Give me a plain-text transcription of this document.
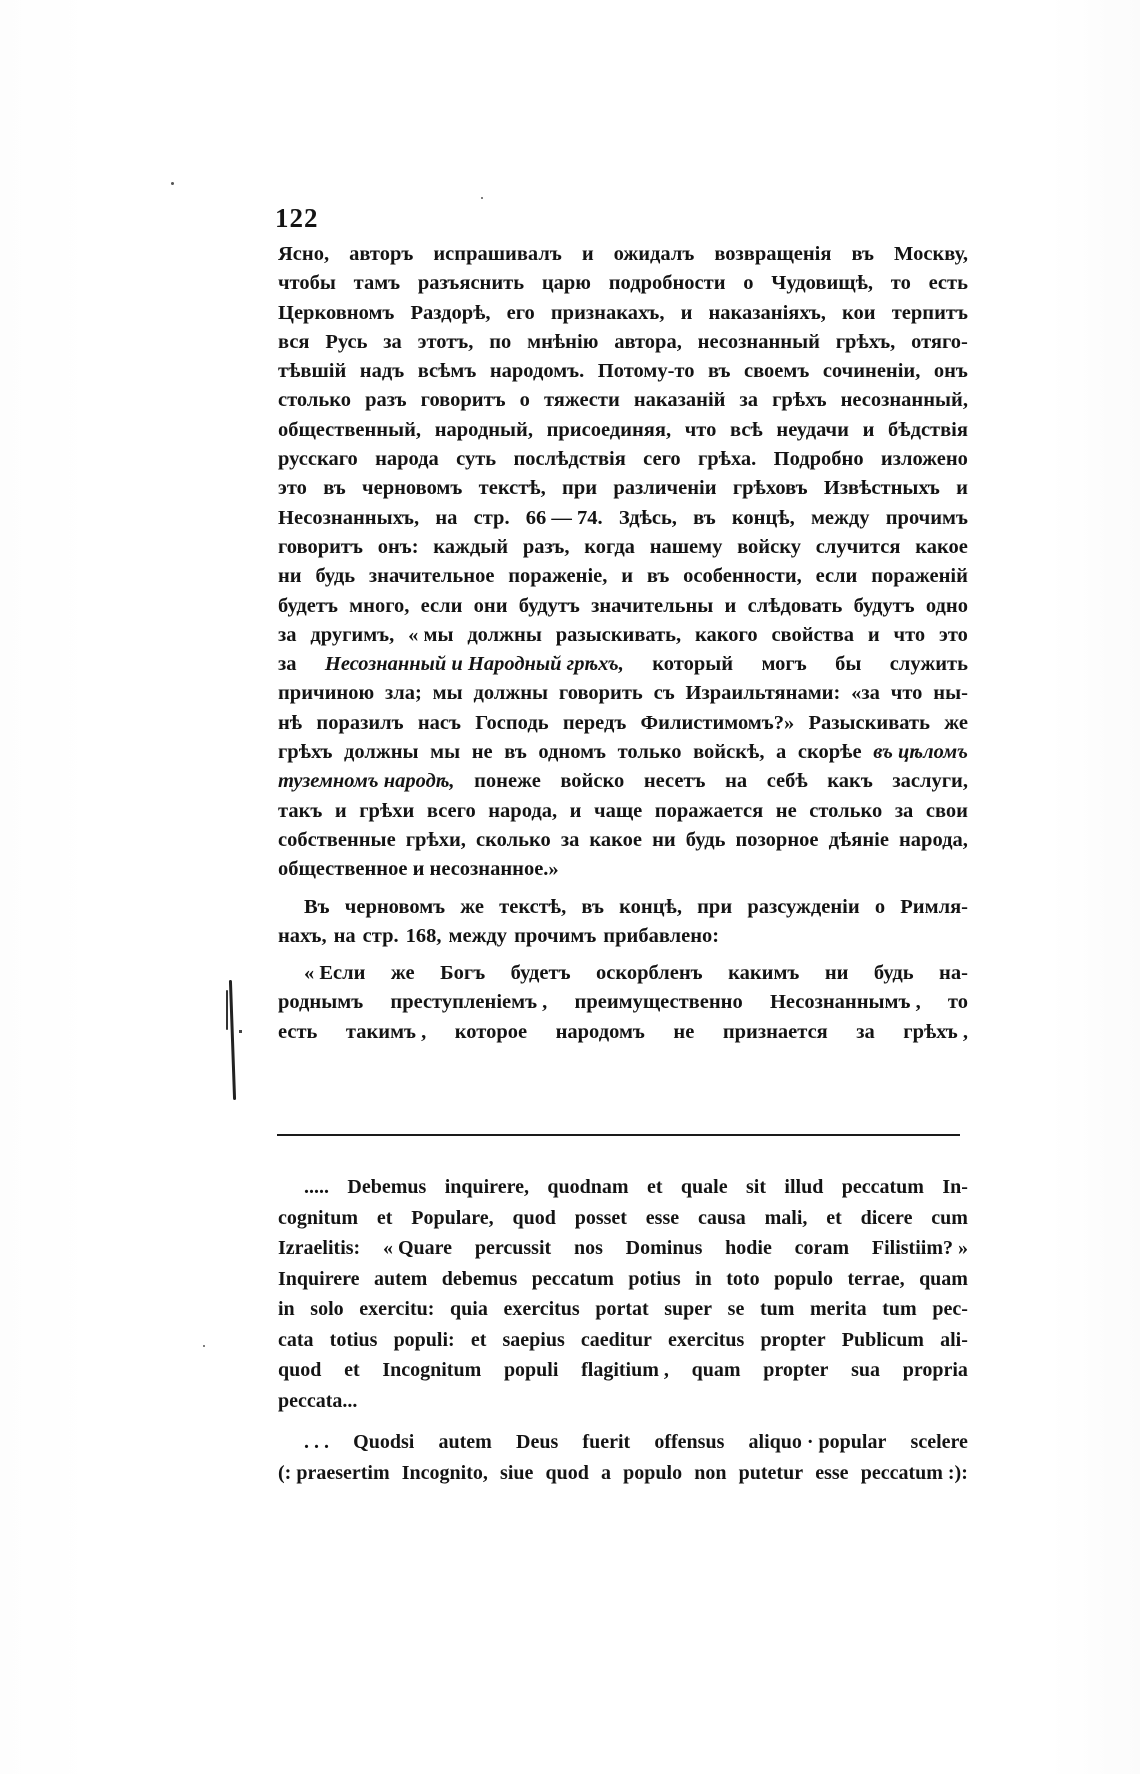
122
Ясно, авторъ испрашивалъ и ожидалъ возвращенія въ Москву,
чтобы тамъ разъяснить царю подробности о Чудовищѣ, то есть
Церковномъ Раздорѣ, его признакахъ, и наказаніяхъ, кои терпитъ
вся Русь за этотъ, по мнѣнію автора, несознанный грѣхъ, отяго-
тѣвшій надъ всѣмъ народомъ. Потому-то въ своемъ сочиненіи, онъ
столько разъ говоритъ о тяжести наказаній за грѣхъ несознанный,
общественный, народный, присоединяя, что всѣ неудачи и бѣдствія
русскаго народа суть послѣдствія сего грѣха. Подробно изложено
это въ черновомъ текстѣ, при различеніи грѣховъ Извѣстныхъ и
Несознанныхъ, на стр. 66 — 74. Здѣсь, въ концѣ, между прочимъ
говоритъ онъ: каждый разъ, когда нашему войску случится какое
ни будь значительное пораженіе, и въ особенности, если пораженій
будетъ много, если они будутъ значительны и слѣдовать будутъ одно
за другимъ, « мы должны разыскивать, какого свойства и что это
за Несознанный и Народный грѣхъ, который могъ бы служить
причиною зла; мы должны говорить съ Израильтянами: «за что ны-
нѣ поразилъ насъ Господь передъ Филистимомъ?» Разыскивать же
грѣхъ должны мы не въ одномъ только войскѣ, а скорѣе въ цѣломъ
туземномъ народѣ, понеже войско несетъ на себѣ какъ заслуги,
такъ и грѣхи всего народа, и чаще поражается не столько за свои
собственные грѣхи, сколько за какое ни будь позорное дѣяніе народа,
общественное и несознанное.»
Въ черновомъ же текстѣ, въ концѣ, при разсужденіи о Римля-
нахъ, на стр. 168, между прочимъ прибавлено:
« Если же Богъ будетъ оскорбленъ какимъ ни будь на-
роднымъ преступленіемъ , преимущественно Несознаннымъ , то
есть такимъ , которое народомъ не признается за грѣхъ ,
..... Debemus inquirere, quodnam et quale sit illud peccatum In-
cognitum et Populare, quod posset esse causa mali, et dicere cum
Izraelitis: « Quare percussit nos Dominus hodie coram Filistiim? »
Inquirere autem debemus peccatum potius in toto populo terrae, quam
in solo exercitu: quia exercitus portat super se tum merita tum pec-
cata totius populi: et saepius caeditur exercitus propter Publicum ali-
quod et Incognitum populi flagitium , quam propter sua propria
peccata...
. . . Quodsi autem Deus fuerit offensus aliquo · popular scelere
(: praesertim Incognito, siue quod a populo non putetur esse peccatum :):
